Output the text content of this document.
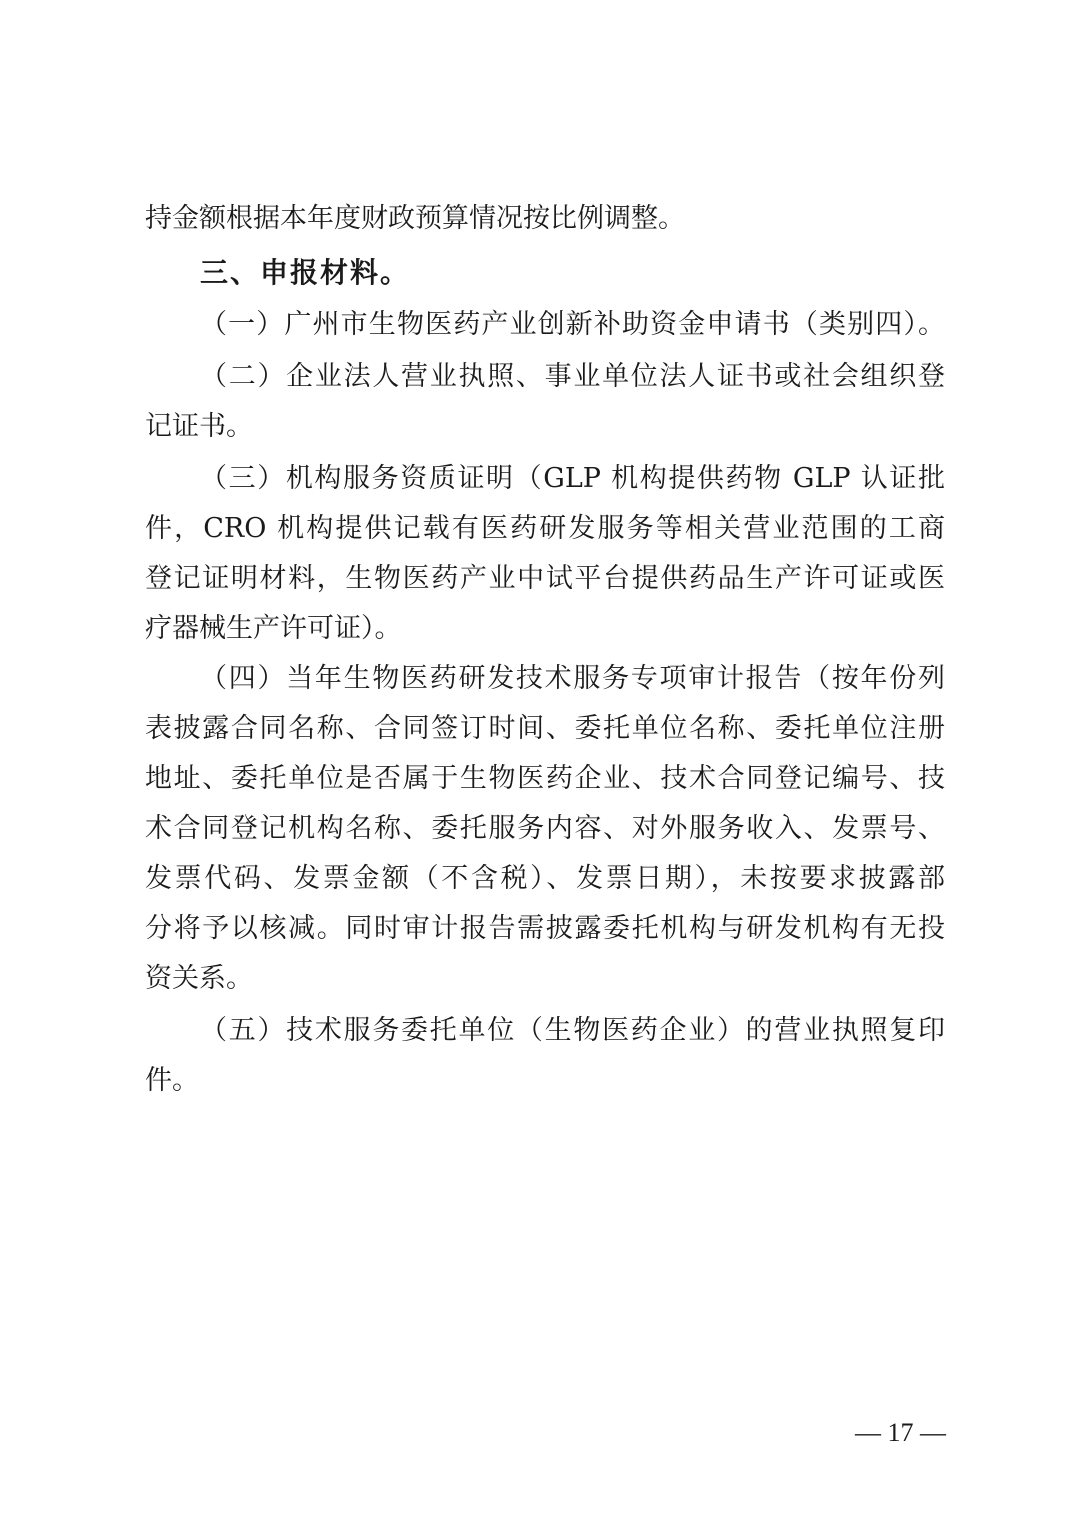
持金额根据本年度财政预算情况按比例调整。
三、申报材料。
（一）广州市生物医药产业创新补助资金申请书（类别四）。
（二）企业法人营业执照、事业单位法人证书或社会组织登
记证书。
（三）机构服务资质证明（GLP 机构提供药物 GLP 认证批
件，CRO 机构提供记载有医药研发服务等相关营业范围的工商
登记证明材料，生物医药产业中试平台提供药品生产许可证或医
疗器械生产许可证）。
（四）当年生物医药研发技术服务专项审计报告（按年份列
表披露合同名称、合同签订时间、委托单位名称、委托单位注册
地址、委托单位是否属于生物医药企业、技术合同登记编号、技
术合同登记机构名称、委托服务内容、对外服务收入、发票号、
发票代码、发票金额（不含税）、发票日期），未按要求披露部
分将予以核减。同时审计报告需披露委托机构与研发机构有无投
资关系。
（五）技术服务委托单位（生物医药企业）的营业执照复印
件。
— 17 —
